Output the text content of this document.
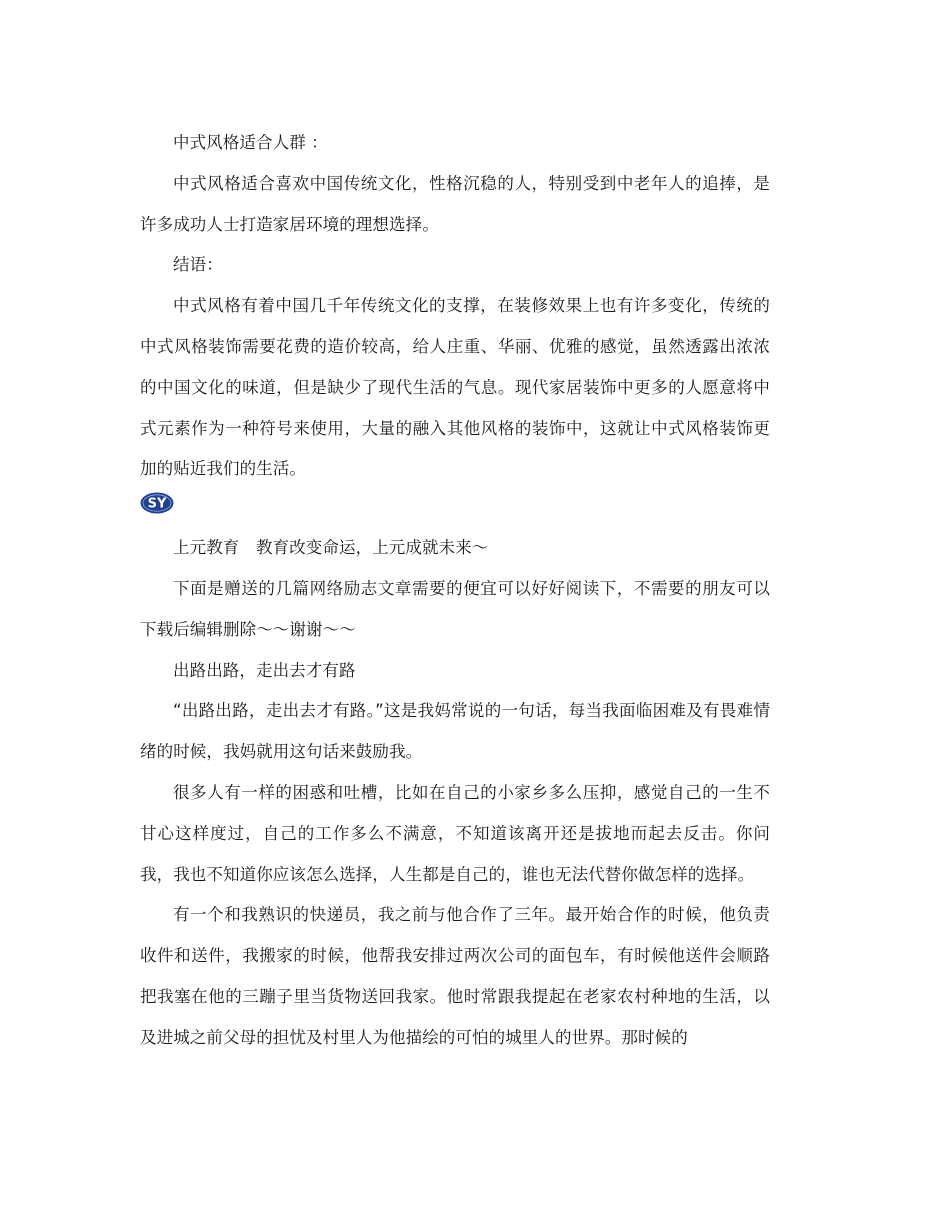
中式风格适合人群 ：

中式风格适合喜欢中国传统文化，性格沉稳的人，特别受到中老年人的追捧，是许多成功人士打造家居环境的理想选择。

结语：

中式风格有着中国几千年传统文化的支撑，在装修效果上也有许多变化，传统的中式风格装饰需要花费的造价较高，给人庄重、华丽、优雅的感觉，虽然透露出浓浓的中国文化的味道，但是缺少了现代生活的气息。现代家居装饰中更多的人愿意将中式元素作为一种符号来使用，大量的融入其他风格的装饰中，这就让中式风格装饰更加的贴近我们的生活。

SY

上元教育　教育改变命运，上元成就未来～

下面是赠送的几篇网络励志文章需要的便宜可以好好阅读下，不需要的朋友可以下载后编辑删除～～谢谢～～

出路出路，走出去才有路

“出路出路，走出去才有路。”这是我妈常说的一句话，每当我面临困难及有畏难情绪的时候，我妈就用这句话来鼓励我。

很多人有一样的困惑和吐槽，比如在自己的小家乡多么压抑，感觉自己的一生不甘心这样度过，自己的工作多么不满意，不知道该离开还是拔地而起去反击。你问我，我也不知道你应该怎么选择，人生都是自己的，谁也无法代替你做怎样的选择。

有一个和我熟识的快递员，我之前与他合作了三年。最开始合作的时候，他负责收件和送件，我搬家的时候，他帮我安排过两次公司的面包车，有时候他送件会顺路把我塞在他的三蹦子里当货物送回我家。他时常跟我提起在老家农村种地的生活，以及进城之前父母的担忧及村里人为他描绘的可怕的城里人的世界。那时候的
